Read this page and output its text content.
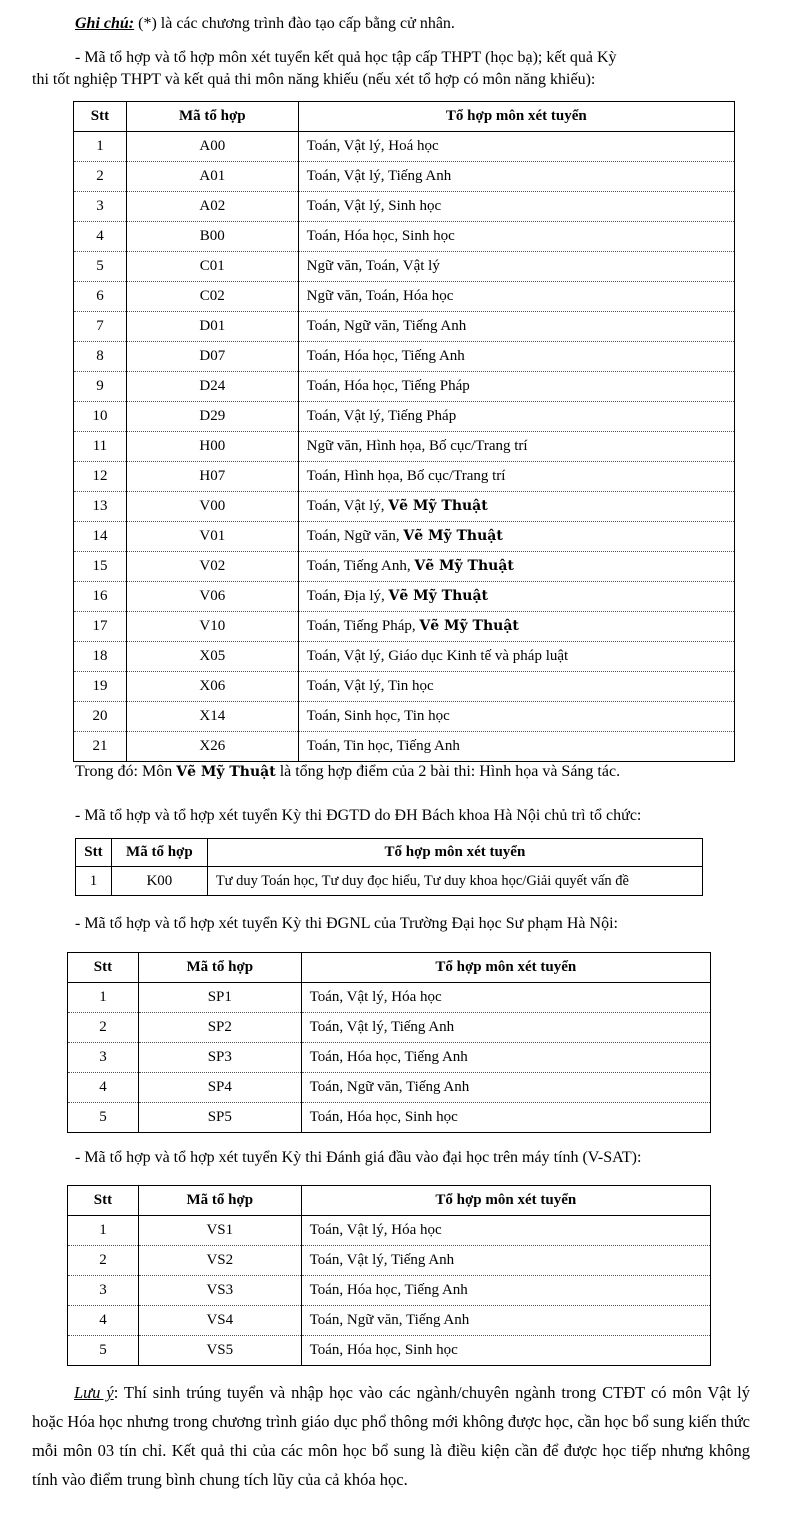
Ghi chú: (*) là các chương trình đào tạo cấp bằng cử nhân.
- Mã tổ hợp và tổ hợp môn xét tuyển kết quả học tập cấp THPT (học bạ); kết quả Kỳ
thi tốt nghiệp THPT và kết quả thi môn năng khiếu (nếu xét tổ hợp có môn năng khiếu):
Stt	Mã tổ hợp	Tổ hợp môn xét tuyển
1	A00	Toán, Vật lý, Hoá học
2	A01	Toán, Vật lý, Tiếng Anh
3	A02	Toán, Vật lý, Sinh học
4	B00	Toán, Hóa học, Sinh học
5	C01	Ngữ văn, Toán, Vật lý
6	C02	Ngữ văn, Toán, Hóa học
7	D01	Toán, Ngữ văn, Tiếng Anh
8	D07	Toán, Hóa học, Tiếng Anh
9	D24	Toán, Hóa học, Tiếng Pháp
10	D29	Toán, Vật lý, Tiếng Pháp
11	H00	Ngữ văn, Hình họa, Bố cục/Trang trí
12	H07	Toán, Hình họa, Bố cục/Trang trí
13	V00	Toán, Vật lý, Vẽ Mỹ Thuật
14	V01	Toán, Ngữ văn, Vẽ Mỹ Thuật
15	V02	Toán, Tiếng Anh, Vẽ Mỹ Thuật
16	V06	Toán, Địa lý, Vẽ Mỹ Thuật
17	V10	Toán, Tiếng Pháp, Vẽ Mỹ Thuật
18	X05	Toán, Vật lý, Giáo dục Kinh tế và pháp luật
19	X06	Toán, Vật lý, Tin học
20	X14	Toán, Sinh học, Tin học
21	X26	Toán, Tin học, Tiếng Anh
Trong đó: Môn Vẽ Mỹ Thuật là tổng hợp điểm của 2 bài thi: Hình họa và Sáng tác.
- Mã tổ hợp và tổ hợp xét tuyển Kỳ thi ĐGTD do ĐH Bách khoa Hà Nội chủ trì tổ chức:
Stt	Mã tổ hợp	Tổ hợp môn xét tuyển
1	K00	Tư duy Toán học, Tư duy đọc hiểu, Tư duy khoa học/Giải quyết vấn đề
- Mã tổ hợp và tổ hợp xét tuyển Kỳ thi ĐGNL của Trường Đại học Sư phạm Hà Nội:
Stt	Mã tổ hợp	Tổ hợp môn xét tuyển
1	SP1	Toán, Vật lý, Hóa học
2	SP2	Toán, Vật lý, Tiếng Anh
3	SP3	Toán, Hóa học, Tiếng Anh
4	SP4	Toán, Ngữ văn, Tiếng Anh
5	SP5	Toán, Hóa học, Sinh học
- Mã tổ hợp và tổ hợp xét tuyển Kỳ thi Đánh giá đầu vào đại học trên máy tính (V-SAT):
Stt	Mã tổ hợp	Tổ hợp môn xét tuyển
1	VS1	Toán, Vật lý, Hóa học
2	VS2	Toán, Vật lý, Tiếng Anh
3	VS3	Toán, Hóa học, Tiếng Anh
4	VS4	Toán, Ngữ văn, Tiếng Anh
5	VS5	Toán, Hóa học, Sinh học
Lưu ý: Thí sinh trúng tuyển và nhập học vào các ngành/chuyên ngành trong CTĐT có môn Vật lý hoặc Hóa học nhưng trong chương trình giáo dục phổ thông mới không được học, cần học bổ sung kiến thức mỗi môn 03 tín chỉ. Kết quả thi của các môn học bổ sung là điều kiện cần để được học tiếp nhưng không tính vào điểm trung bình chung tích lũy của cả khóa học.
